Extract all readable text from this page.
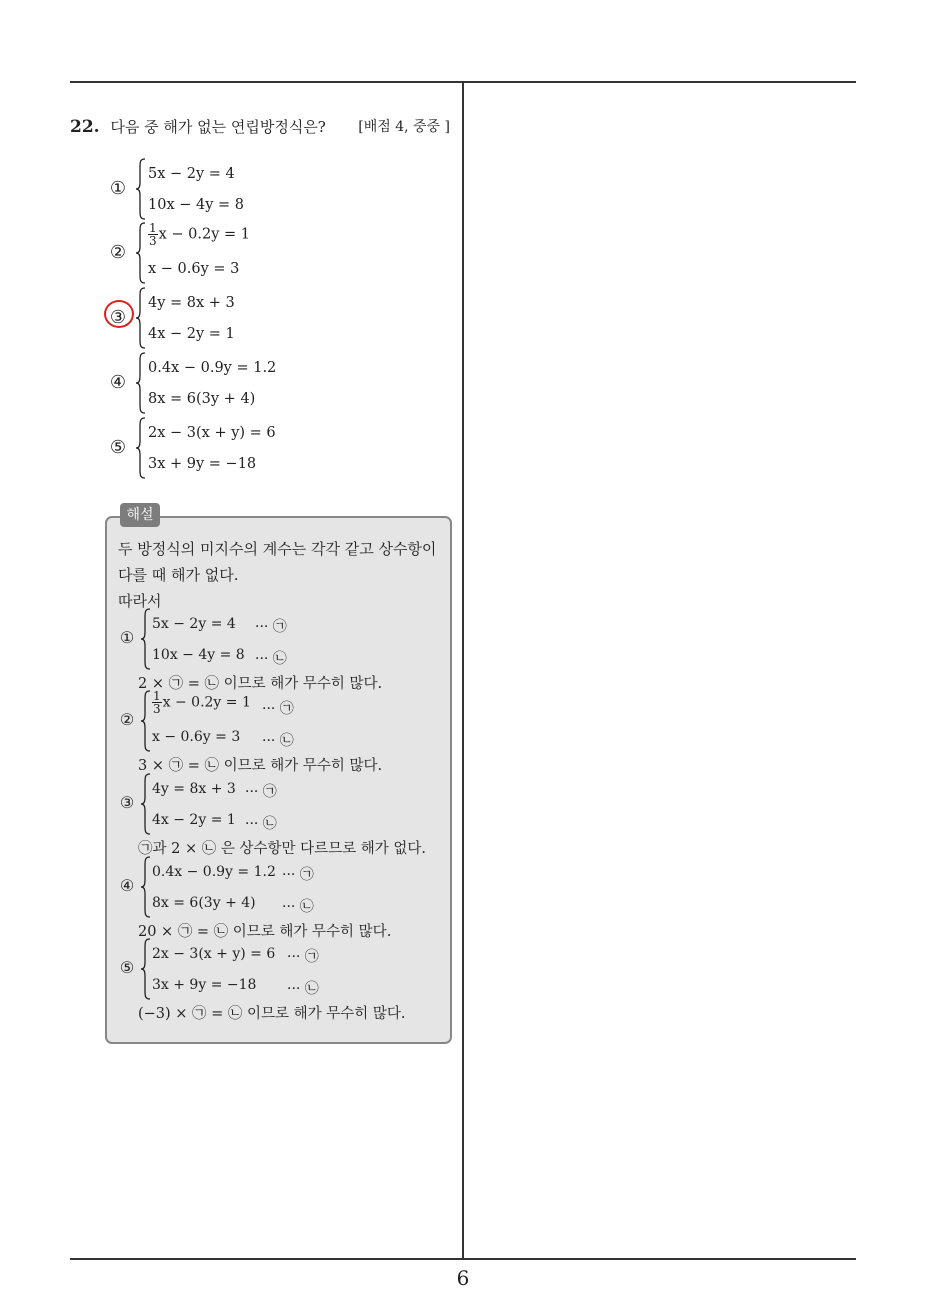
22. 다음 중 해가 없는 연립방정식은? [배점 4, 중중 ]
①
5x − 2y = 4
10x − 4y = 8
②
$\frac{1}{3}$ x − 0.2y = 1
x − 0.6y = 3
③
4y = 8x + 3
4x − 2y = 1
④
0.4x − 0.9y = 1.2
8x = 6(3y + 4)
⑤
2x − 3(x + y) = 6
3x + 9y = −18
해설
두 방정식의 미지수의 계수는 각각 같고 상수항이
다를 때 해가 없다.
따라서
①
5x − 2y = 4
10x − 4y = 8
··· ㉠
··· ㉡
2 × ㉠ = ㉡ 이므로 해가 무수히 많다.
②
$\frac{1}{3}$ x − 0.2y = 1
x − 0.6y = 3
··· ㉠
··· ㉡
3 × ㉠ = ㉡ 이므로 해가 무수히 많다.
③
4y = 8x + 3
4x − 2y = 1
··· ㉠
··· ㉡
㉠과 2 × ㉡ 은 상수항만 다르므로 해가 없다.
④
0.4x − 0.9y = 1.2
8x = 6(3y + 4)
··· ㉠
··· ㉡
20 × ㉠ = ㉡ 이므로 해가 무수히 많다.
⑤
2x − 3(x + y) = 6
3x + 9y = −18
··· ㉠
··· ㉡
(−3) × ㉠ = ㉡ 이므로 해가 무수히 많다.
6
